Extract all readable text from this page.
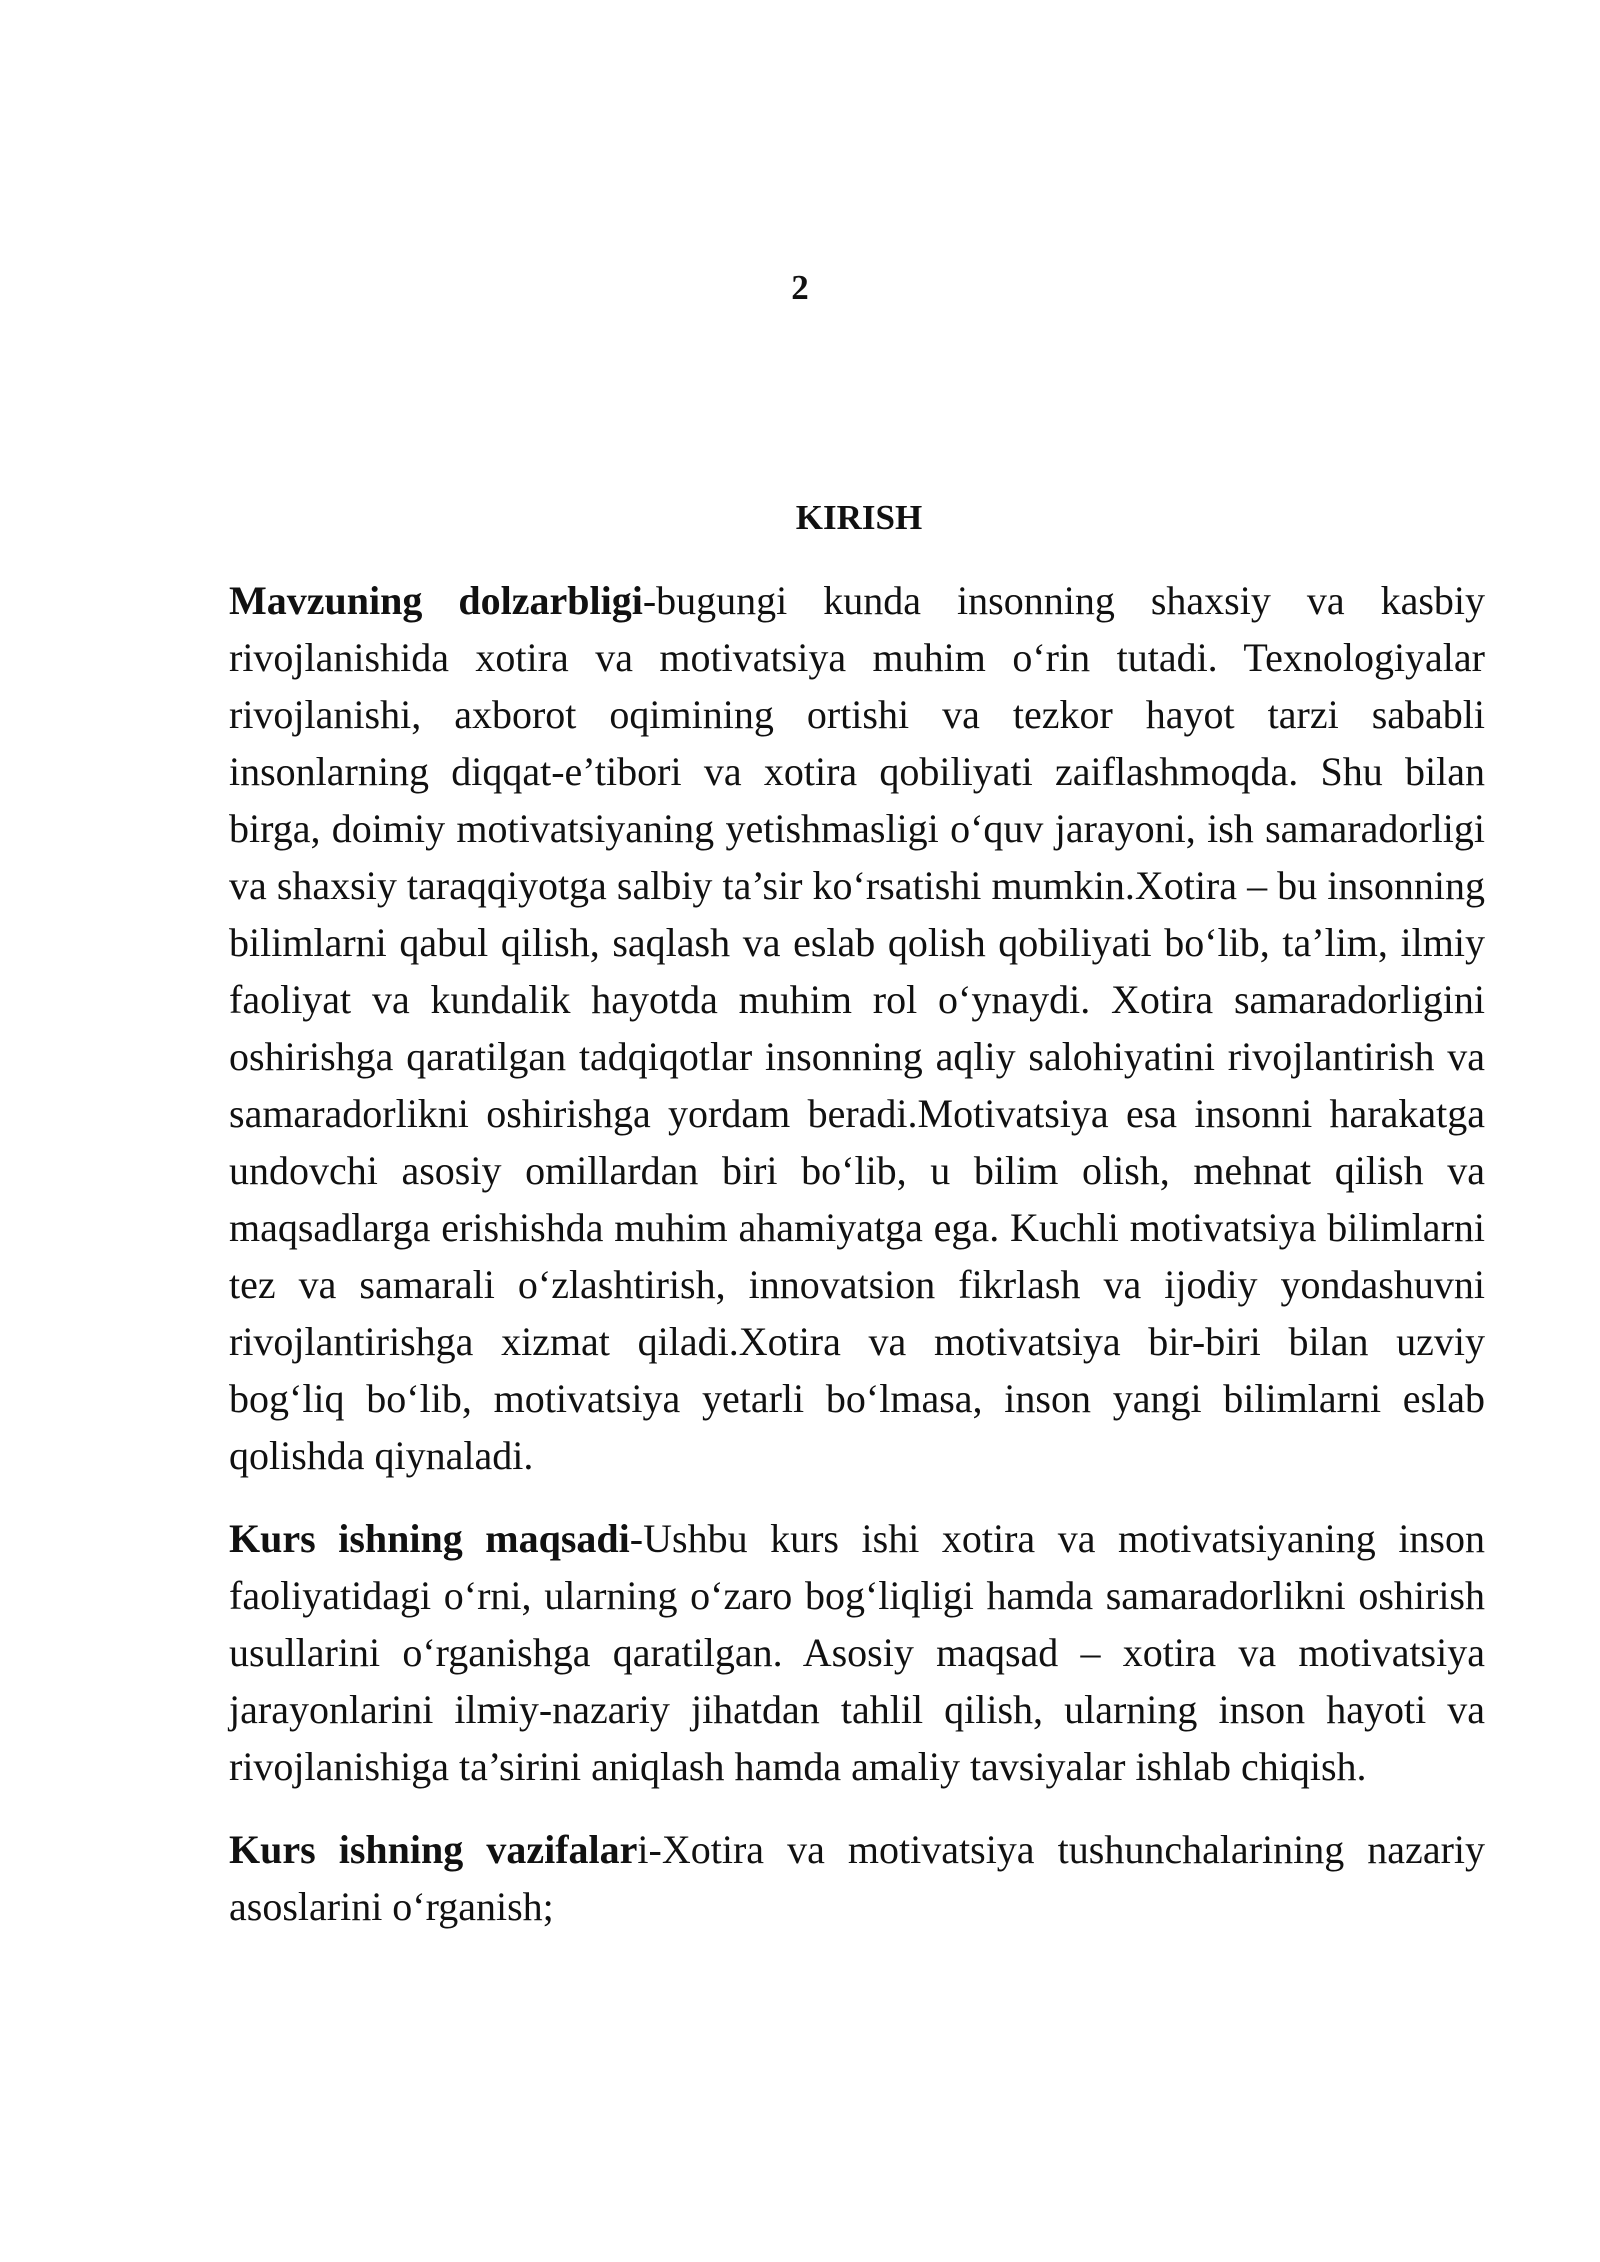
2
KIRISH

Mavzuning dolzarbligi-bugungi kunda insonning shaxsiy va kasbiy rivojlanishida xotira va motivatsiya muhim o‘rin tutadi. Texnologiyalar rivojlanishi, axborot oqimining ortishi va tezkor hayot tarzi sababli insonlarning diqqat-e’tibori va xotira qobiliyati zaiflashmoqda. Shu bilan birga, doimiy motivatsiyaning yetishmasligi o‘quv jarayoni, ish samaradorligi va shaxsiy taraqqiyotga salbiy ta’sir ko‘rsatishi mumkin.Xotira – bu insonning bilimlarni qabul qilish, saqlash va eslab qolish qobiliyati bo‘lib, ta’lim, ilmiy faoliyat va kundalik hayotda muhim rol o‘ynaydi. Xotira samaradorligini oshirishga qaratilgan tadqiqotlar insonning aqliy salohiyatini rivojlantirish va samaradorlikni oshirishga yordam beradi.Motivatsiya esa insonni harakatga undovchi asosiy omillardan biri bo‘lib, u bilim olish, mehnat qilish va maqsadlarga erishishda muhim ahamiyatga ega. Kuchli motivatsiya bilimlarni tez va samarali o‘zlashtirish, innovatsion fikrlash va ijodiy yondashuvni rivojlantirishga xizmat qiladi.Xotira va motivatsiya bir-biri bilan uzviy bog‘liq bo‘lib, motivatsiya yetarli bo‘lmasa, inson yangi bilimlarni eslab qolishda qiynaladi.

Kurs ishning maqsadi-Ushbu kurs ishi xotira va motivatsiyaning inson faoliyatidagi o‘rni, ularning o‘zaro bog‘liqligi hamda samaradorlikni oshirish usullarini o‘rganishga qaratilgan. Asosiy maqsad – xotira va motivatsiya jarayonlarini ilmiy-nazariy jihatdan tahlil qilish, ularning inson hayoti va rivojlanishiga ta’sirini aniqlash hamda amaliy tavsiyalar ishlab chiqish.

Kurs ishning vazifalari-Xotira va motivatsiya tushunchalarining nazariy asoslarini o‘rganish;
